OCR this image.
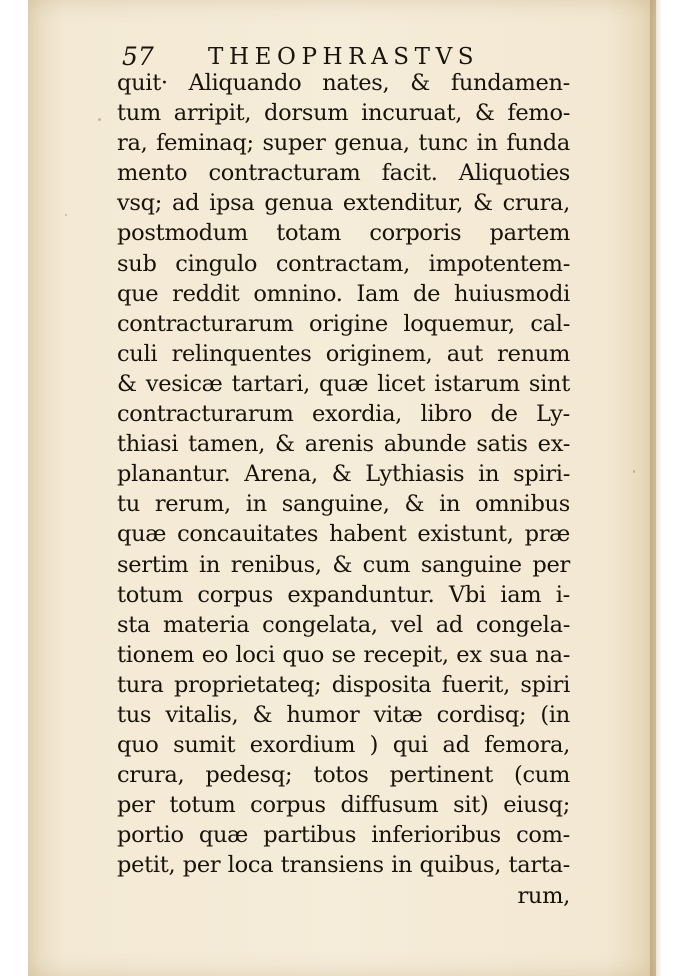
57 THEOPHRASTVS
quit· Aliquando nates, & fundamen-
tum arripit, dorsum incuruat, & femo-
ra, feminaq; super genua, tunc in funda
mento contracturam facit. Aliquoties
vsq; ad ipsa genua extenditur, & crura,
postmodum totam corporis partem
sub cingulo contractam, impotentem-
que reddit omnino. Iam de huiusmodi
contracturarum origine loquemur, cal-
culi relinquentes originem, aut renum
& vesicæ tartari, quæ licet istarum sint
contracturarum exordia, libro de Ly-
thiasi tamen, & arenis abunde satis ex-
planantur. Arena, & Lythiasis in spiri-
tu rerum, in sanguine, & in omnibus
quæ concauitates habent existunt, præ
sertim in renibus, & cum sanguine per
totum corpus expanduntur. Vbi iam i-
sta materia congelata, vel ad congela-
tionem eo loci quo se recepit, ex sua na-
tura proprietateq; disposita fuerit, spiri
tus vitalis, & humor vitæ cordisq; (in
quo sumit exordium ) qui ad femora,
crura, pedesq; totos pertinent (cum
per totum corpus diffusum sit) eiusq;
portio quæ partibus inferioribus com-
petit, per loca transiens in quibus, tarta-
rum,
